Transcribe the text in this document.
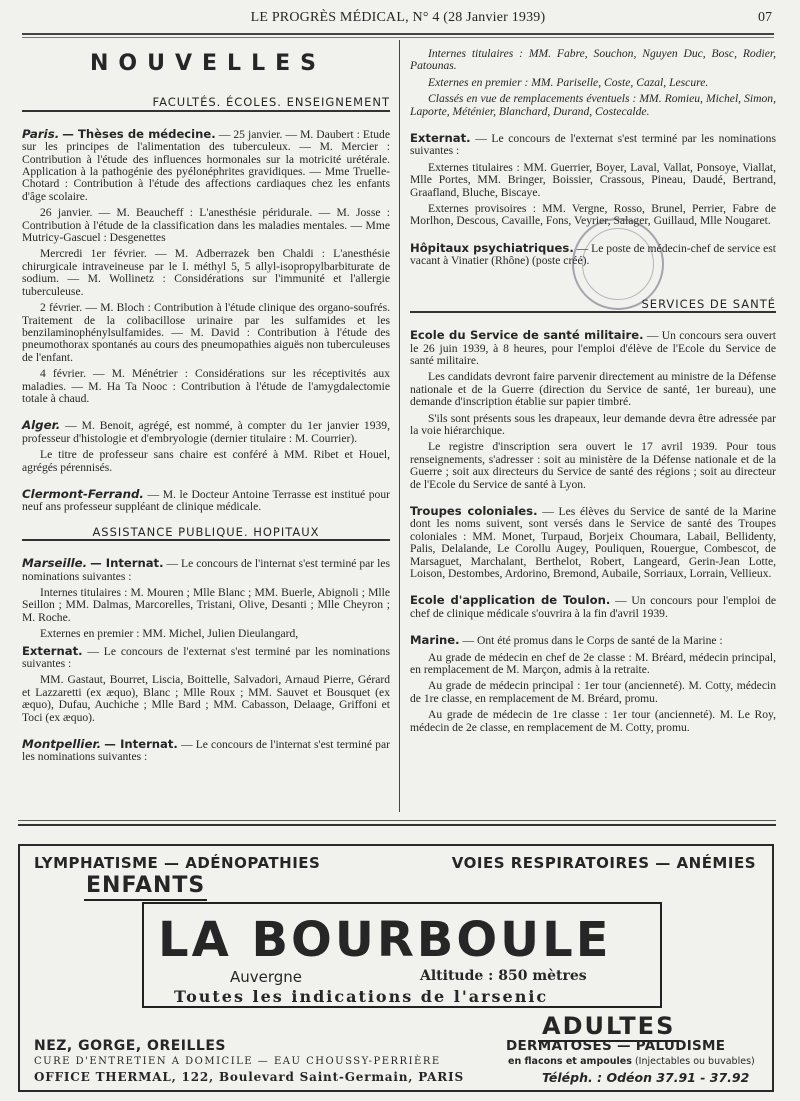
LE PROGRÈS MÉDICAL, N° 4 (28 Janvier 1939)	07
NOUVELLES
FACULTÉS. ÉCOLES. ENSEIGNEMENT

Paris. — Thèses de médecine. — 25 janvier. — M. Daubert : Etude sur les principes de l'alimentation des tuberculeux. — M. Mercier : Contribution à l'étude des influences hormonales sur la motricité urétérale. Application à la pathogénie des pyélonéphrites gravidiques. — Mme Truelle-Chotard : Contribution à l'étude des affections cardiaques chez les enfants d'âge scolaire.

26 janvier. — M. Beaucheff : L'anesthésie péridurale. — M. Josse : Contribution à l'étude de la classification dans les maladies mentales. — Mme Mutricy-Gascuel : Desgenettes

Mercredi 1er février. — M. Adberrazek ben Chaldi : L'anesthésie chirurgicale intraveineuse par le I. méthyl 5, 5 allyl-isopropylbarbiturate de sodium. — M. Wollinetz : Considérations sur l'immunité et l'allergie tuberculeuse.

2 février. — M. Bloch : Contribution à l'étude clinique des organo-soufrés. Traitement de la colibacillose urinaire par les sulfamides et les benzilaminophénylsulfamides. — M. David : Contribution à l'étude des pneumothorax spontanés au cours des pneumopathies aiguës non tuberculeuses de l'enfant.

4 février. — M. Ménétrier : Considérations sur les réceptivités aux maladies. — M. Ha Ta Nooc : Contribution à l'étude de l'amygdalectomie totale à chaud.

Alger. — M. Benoit, agrégé, est nommé, à compter du 1er janvier 1939, professeur d'histologie et d'embryologie (dernier titulaire : M. Courrier).

Le titre de professeur sans chaire est conféré à MM. Ribet et Houel, agrégés pérennisés.

Clermont-Ferrand. — M. le Docteur Antoine Terrasse est institué pour neuf ans professeur suppléant de clinique médicale.

ASSISTANCE PUBLIQUE. HOPITAUX

Marseille. — Internat. — Le concours de l'internat s'est terminé par les nominations suivantes :

Internes titulaires : M. Mouren ; Mlle Blanc ; MM. Buerle, Abignoli ; Mlle Seillon ; MM. Dalmas, Marcorelles, Tristani, Olive, Desanti ; Mlle Cheyron ; M. Roche.

Externes en premier : MM. Michel, Julien Dieulangard,

Externat. — Le concours de l'externat s'est terminé par les nominations suivantes :

MM. Gastaut, Bourret, Liscia, Boittelle, Salvadori, Arnaud Pierre, Gérard et Lazzaretti (ex æquo), Blanc ; Mlle Roux ; MM. Sauvet et Bousquet (ex æquo), Dufau, Auchiche ; Mlle Bard ; MM. Cabasson, Delaage, Griffoni et Toci (ex æquo).

Montpellier. — Internat. — Le concours de l'internat s'est terminé par les nominations suivantes :

Internes titulaires : MM. Fabre, Souchon, Nguyen Duc, Bosc, Rodier, Patounas.

Externes en premier : MM. Pariselle, Coste, Cazal, Lescure.

Classés en vue de remplacements éventuels : MM. Romieu, Michel, Simon, Laporte, Méténier, Blanchard, Durand, Costecalde.

Externat. — Le concours de l'externat s'est terminé par les nominations suivantes :

Externes titulaires : MM. Guerrier, Boyer, Laval, Vallat, Ponsoye, Viallat, Mlle Portes, MM. Bringer, Boissier, Crassous, Pineau, Daudé, Bertrand, Graafland, Bluche, Biscaye.

Externes provisoires : MM. Vergne, Rosso, Brunel, Perrier, Fabre de Morlhon, Descous, Cavaille, Fons, Veyrier, Salager, Guillaud, Mlle Nougaret.

Hôpitaux psychiatriques. — Le poste de médecin-chef de service est vacant à Vinatier (Rhône) (poste créé).

SERVICES DE SANTÉ

Ecole du Service de santé militaire. — Un concours sera ouvert le 26 juin 1939, à 8 heures, pour l'emploi d'élève de l'Ecole du Service de santé militaire.

Les candidats devront faire parvenir directement au ministre de la Défense nationale et de la Guerre (direction du Service de santé, 1er bureau), une demande d'inscription établie sur papier timbré.

S'ils sont présents sous les drapeaux, leur demande devra être adressée par la voie hiérarchique.

Le registre d'inscription sera ouvert le 17 avril 1939. Pour tous renseignements, s'adresser : soit au ministère de la Défense nationale et de la Guerre ; soit aux directeurs du Service de santé des régions ; soit au directeur de l'Ecole du Service de santé à Lyon.

Troupes coloniales. — Les élèves du Service de santé de la Marine dont les noms suivent, sont versés dans le Service de santé des Troupes coloniales : MM. Monet, Turpaud, Borjeix Choumara, Labail, Bellidenty, Palis, Delalande, Le Corollu Augey, Pouliquen, Rouergue, Combescot, de Marsaguet, Marchalant, Berthelot, Robert, Langeard, Gerin-Jean Lotte, Loison, Destombes, Ardorino, Bremond, Aubaile, Sorriaux, Lorrain, Vellieux.

Ecole d'application de Toulon. — Un concours pour l'emploi de chef de clinique médicale s'ouvrira à la fin d'avril 1939.

Marine. — Ont été promus dans le Corps de santé de la Marine :

Au grade de médecin en chef de 2e classe : M. Bréard, médecin principal, en remplacement de M. Marçon, admis à la retraite.

Au grade de médecin principal : 1er tour (ancienneté). M. Cotty, médecin de 1re classe, en remplacement de M. Bréard, promu.

Au grade de médecin de 1re classe : 1er tour (ancienneté). M. Le Roy, médecin de 2e classe, en remplacement de M. Cotty, promu.

LYMPHATISME — ADÉNOPATHIES	VOIES RESPIRATOIRES — ANÉMIES
ENFANTS
LA BOURBOULE
Auvergne	Altitude : 850 mètres
Toutes les indications de l'arsenic
ADULTES
NEZ, GORGE, OREILLES	DERMATOSES — PALUDISME
CURE D'ENTRETIEN A DOMICILE — EAU CHOUSSY-PERRIÈRE	en flacons et ampoules (Injectables ou buvables)
OFFICE THERMAL, 122, Boulevard Saint-Germain, PARIS	Téléph. : Odéon 37.91 - 37.92
